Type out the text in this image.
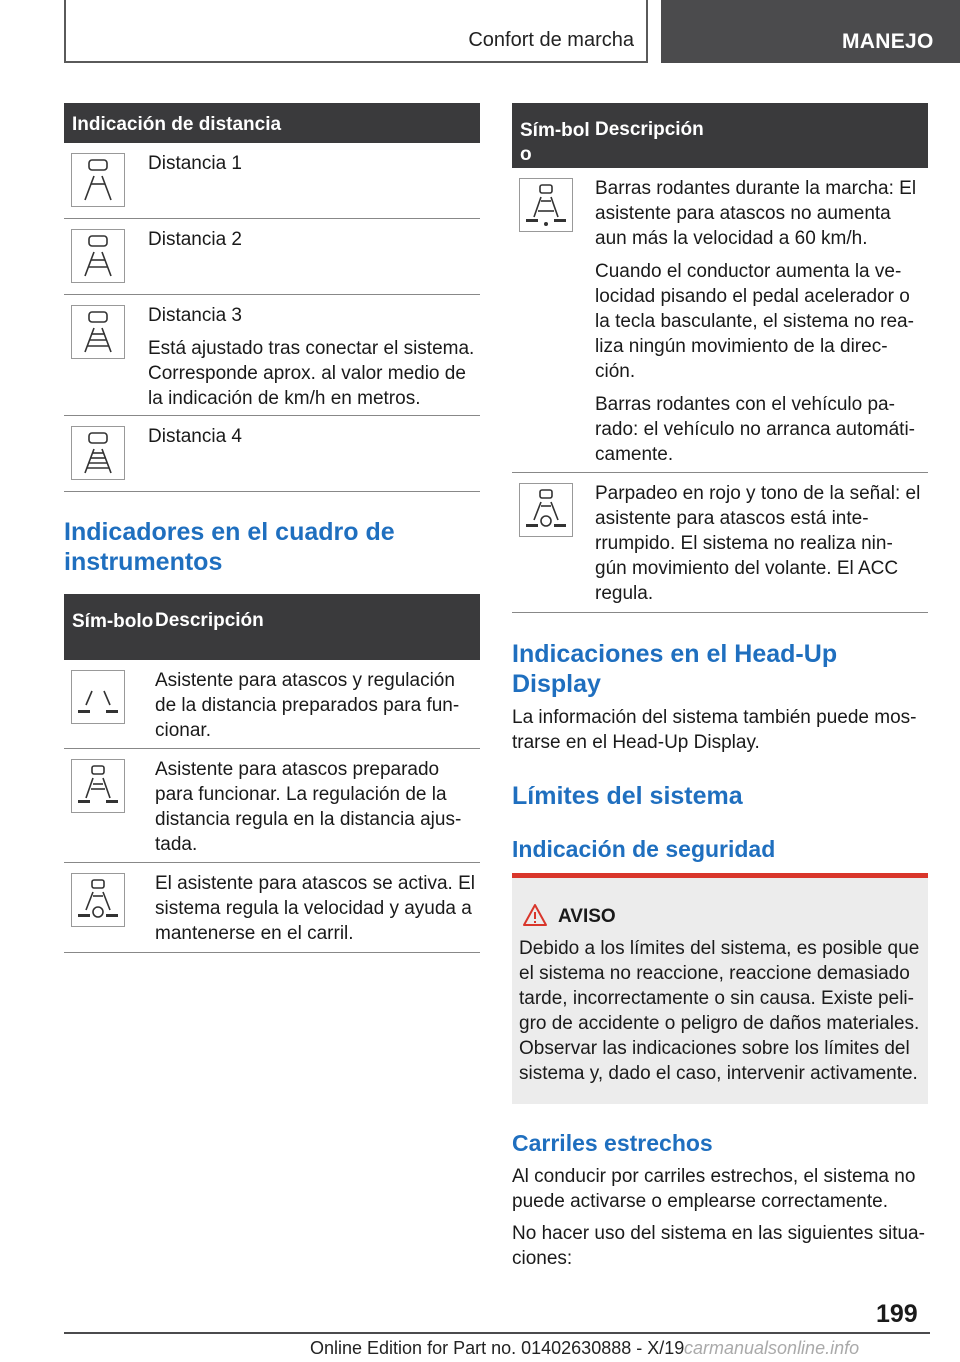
Confort de marcha	MANEJO
Indicación de distancia

Distancia 1

Distancia 2

Distancia 3

Está ajustado tras conectar el sistema. Corresponde aprox. al valor medio de la indicación de km/h en metros.

Distancia 4

Indicadores en el cuadro de instrumentos
Sím-bolo Descripción

Asistente para atascos y regulación de la distancia preparados para fun-cionar.

Asistente para atascos preparado para funcionar. La regulación de la distancia regula en la distancia ajus-tada.

El asistente para atascos se activa. El sistema regula la velocidad y ayuda a mantenerse en el carril.

Sím-bolo
Descripción

Barras rodantes durante la marcha: El asistente para atascos no aumenta aun más la velocidad a 60 km/h.

Cuando el conductor aumenta la ve-locidad pisando el pedal acelerador o la tecla basculante, el sistema no rea-liza ningún movimiento de la direc-ción.

Barras rodantes con el vehículo pa-rado: el vehículo no arranca automáti-camente.

Parpadeo en rojo y tono de la señal: el asistente para atascos está inte-rrumpido. El sistema no realiza nin-gún movimiento del volante. El ACC regula.

Indicaciones en el Head-Up Display

La información del sistema también puede mos-trarse en el Head-Up Display.

Límites del sistema
Indicación de seguridad
AVISO
Debido a los límites del sistema, es posible que el sistema no reaccione, reaccione demasiado tarde, incorrectamente o sin causa. Existe peli-gro de accidente o peligro de daños materiales. Observar las indicaciones sobre los límites del sistema y, dado el caso, intervenir activamente.
Carriles estrechos

Al conducir por carriles estrechos, el sistema no puede activarse o emplearse correctamente.

No hacer uso del sistema en las siguientes situa-ciones:

199
Online Edition for Part no. 01402630888 - X/19 carmanualsonline.info
